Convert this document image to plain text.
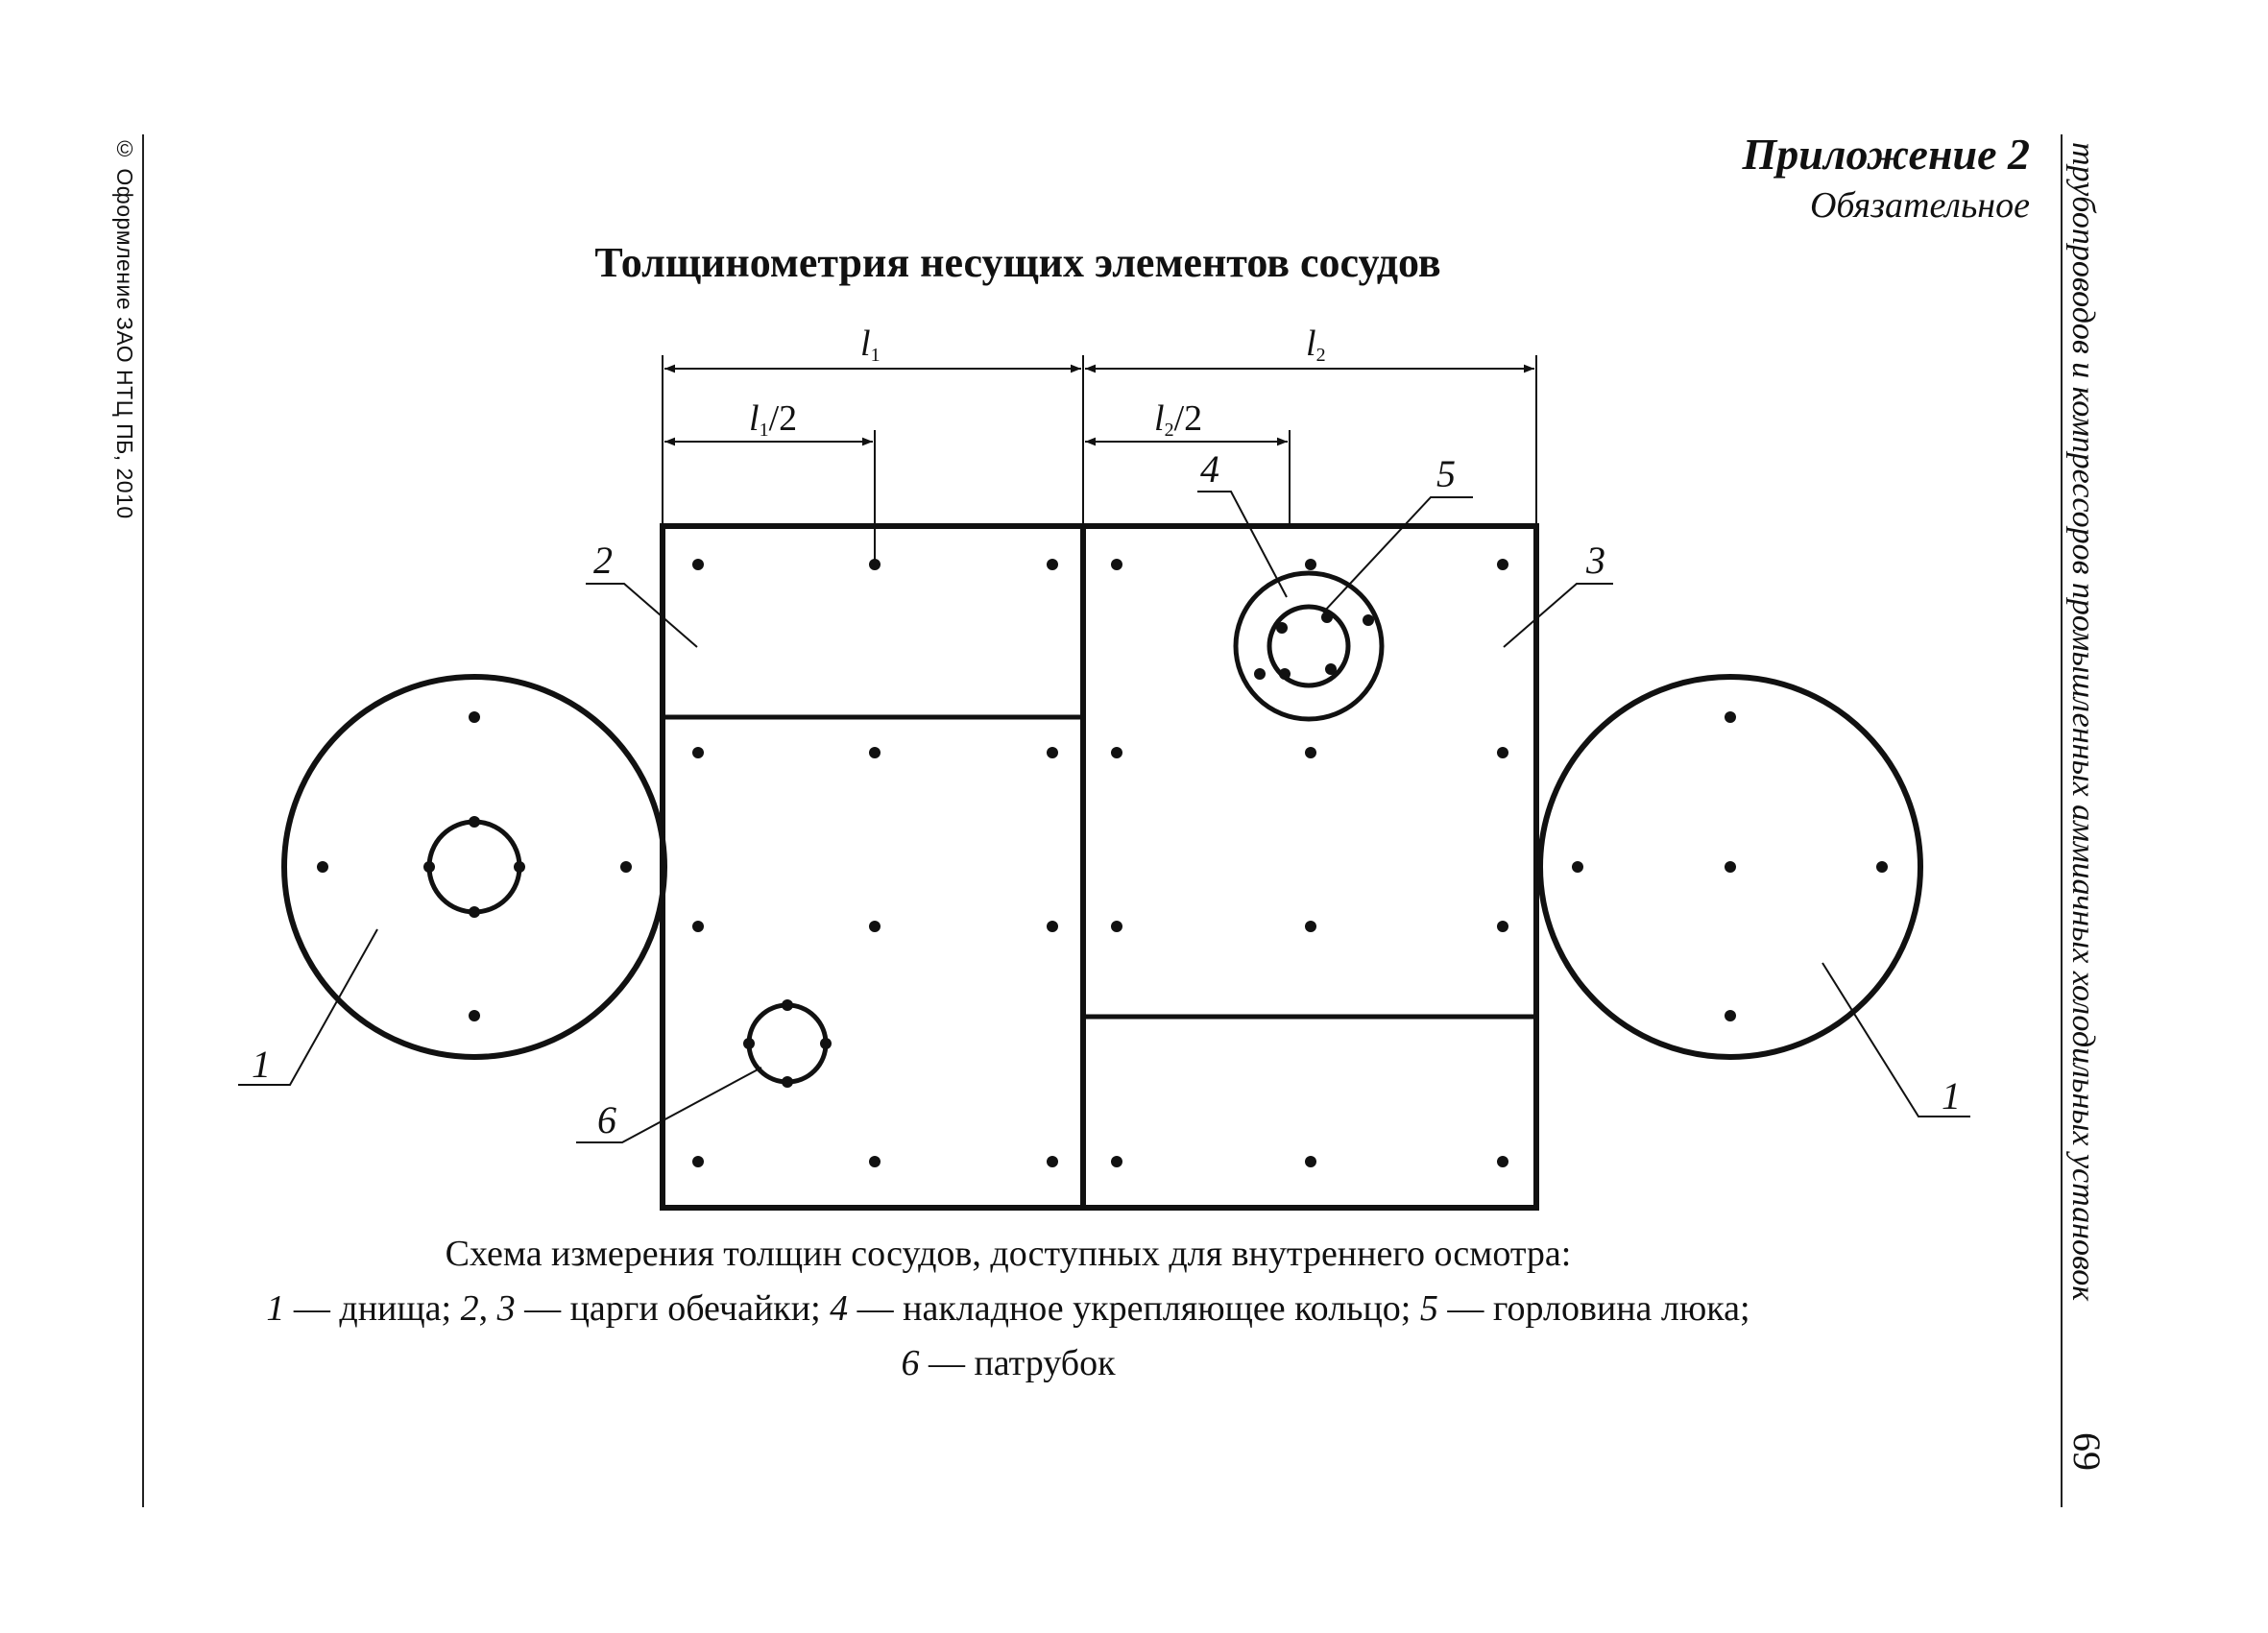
© Оформление ЗАО НТЦ ПБ, 2010	трубопроводов и компрессоров промышленных аммиачных холодильных установок
69
Приложение 2
Обязательное
Толщинометрия несущих элементов сосудов
l1	l2
l1/2	l2/2
1
1
2	3
4	5
6
Схема измерения толщин сосудов, доступных для внутреннего осмотра:
1 — днища; 2, 3 — царги обечайки; 4 — накладное укрепляющее кольцо; 5 — горловина люка;
6 — патрубок
